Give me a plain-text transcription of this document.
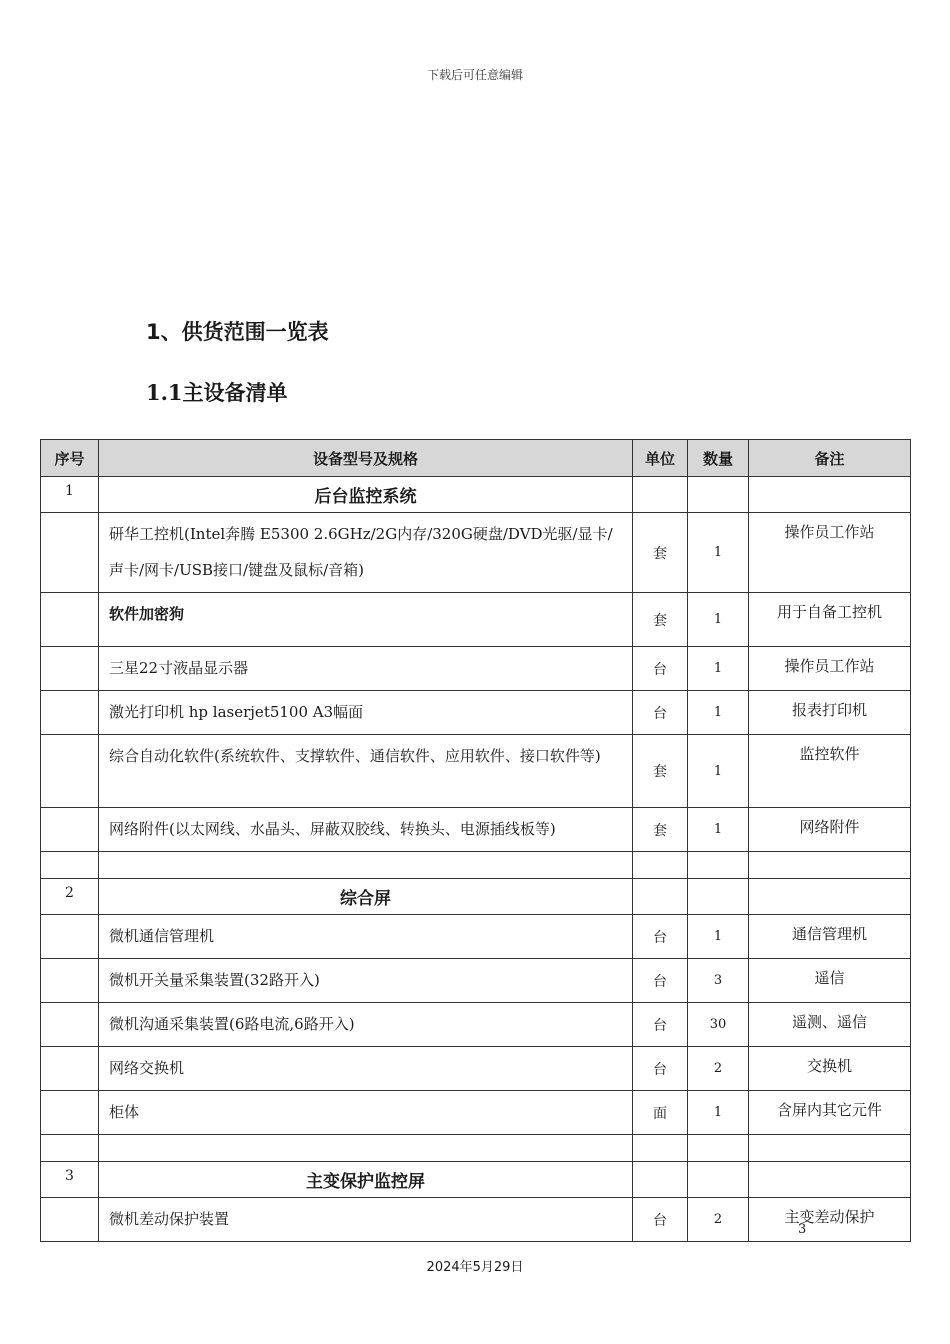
下载后可任意编辑
1、供货范围一览表
1.1主设备清单
序号	设备型号及规格	单位	数量	备注
1	后台监控系统			
	研华工控机(Intel奔腾 E5300 2.6GHz/2G内存/320G硬盘/DVD光驱/显卡/声卡/网卡/USB接口/键盘及鼠标/音箱)	套	1	操作员工作站
	软件加密狗	套	1	用于自备工控机
	三星22寸液晶显示器	台	1	操作员工作站
	激光打印机 hp laserjet5100 A3幅面	台	1	报表打印机
	综合自动化软件(系统软件、支撑软件、通信软件、应用软件、接口软件等)	套	1	监控软件
	网络附件(以太网线、水晶头、屏蔽双胶线、转换头、电源插线板等)	套	1	网络附件

2	综合屏			
	微机通信管理机	台	1	通信管理机
	微机开关量采集装置(32路开入)	台	3	遥信
	微机沟通采集装置(6路电流,6路开入)	台	30	遥测、遥信
	网络交换机	台	2	交换机
	柜体	面	1	含屏内其它元件

3	主变保护监控屏			
	微机差动保护装置	台	2	主变差动保护
3
2024年5月29日
